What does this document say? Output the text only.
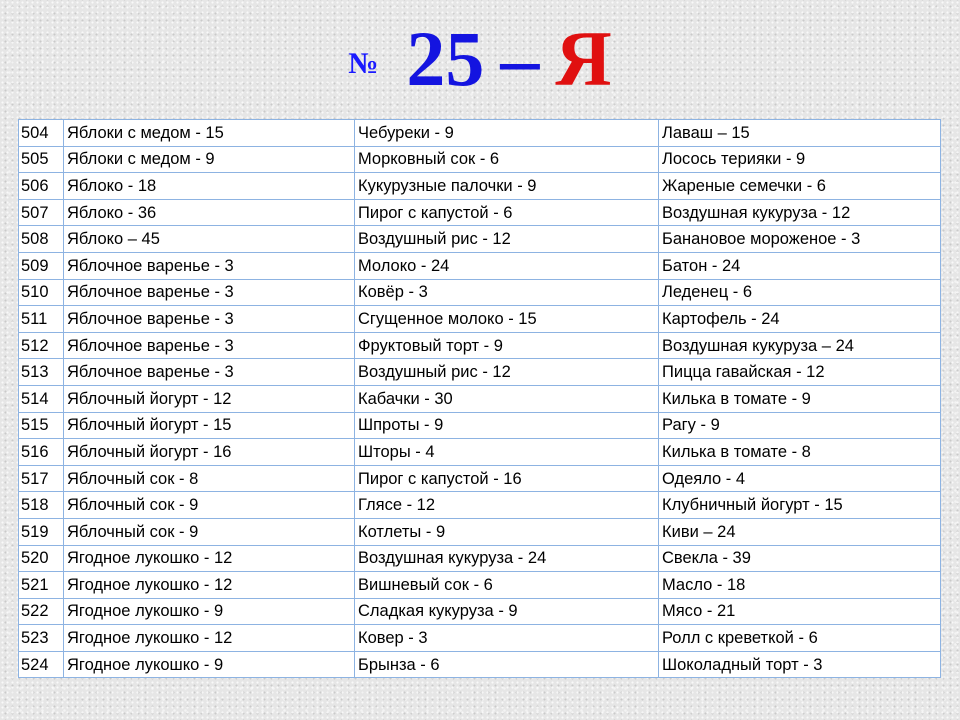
№ 25 – Я
504	Яблоки с медом - 15	Чебуреки - 9	Лаваш – 15
505	Яблоки с медом - 9	Морковный сок - 6	Лосось терияки - 9
506	Яблоко - 18	Кукурузные палочки - 9	Жареные семечки - 6
507	Яблоко - 36	Пирог с капустой - 6	Воздушная кукуруза - 12
508	Яблоко – 45	Воздушный рис - 12	Банановое мороженое - 3
509	Яблочное варенье - 3	Молоко - 24	Батон - 24
510	Яблочное варенье - 3	Ковёр - 3	Леденец - 6
511	Яблочное варенье - 3	Сгущенное молоко - 15	Картофель - 24
512	Яблочное варенье - 3	Фруктовый торт - 9	Воздушная кукуруза – 24
513	Яблочное варенье - 3	Воздушный рис - 12	Пицца гавайская - 12
514	Яблочный йогурт - 12	Кабачки - 30	Килька в томате - 9
515	Яблочный йогурт - 15	Шпроты - 9	Рагу - 9
516	Яблочный йогурт - 16	Шторы - 4	Килька в томате - 8
517	Яблочный сок - 8	Пирог с капустой - 16	Одеяло - 4
518	Яблочный сок - 9	Глясе - 12	Клубничный йогурт - 15
519	Яблочный сок - 9	Котлеты - 9	Киви – 24
520	Ягодное лукошко - 12	Воздушная кукуруза - 24	Свекла - 39
521	Ягодное лукошко - 12	Вишневый сок - 6	Масло - 18
522	Ягодное лукошко - 9	Сладкая кукуруза - 9	Мясо - 21
523	Ягодное лукошко - 12	Ковер - 3	Ролл с креветкой - 6
524	Ягодное лукошко - 9	Брынза - 6	Шоколадный торт - 3
